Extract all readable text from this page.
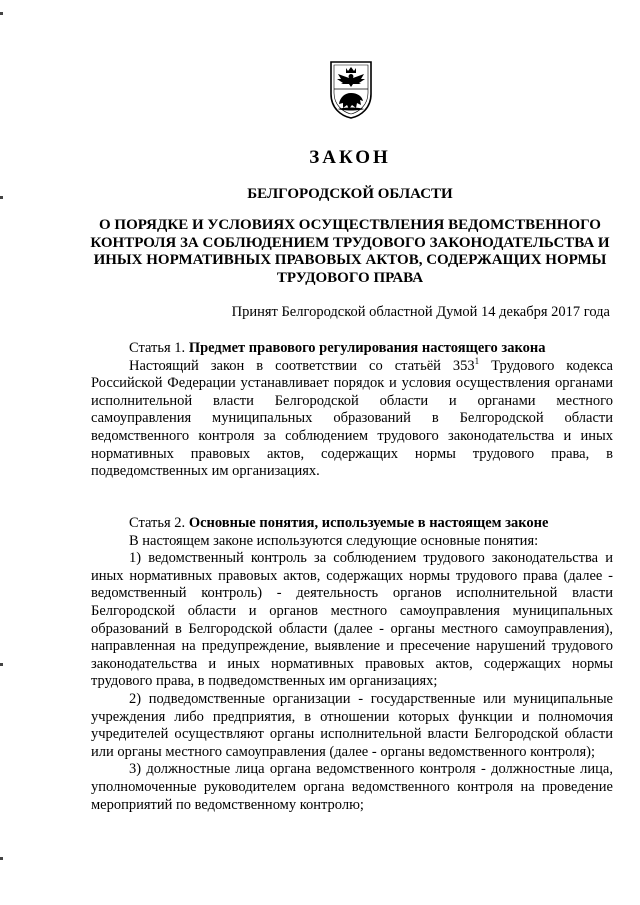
ЗАКОН
БЕЛГОРОДСКОЙ ОБЛАСТИ
О ПОРЯДКЕ И УСЛОВИЯХ ОСУЩЕСТВЛЕНИЯ ВЕДОМСТВЕННОГО КОНТРОЛЯ ЗА СОБЛЮДЕНИЕМ ТРУДОВОГО ЗАКОНОДАТЕЛЬСТВА И ИНЫХ НОРМАТИВНЫХ ПРАВОВЫХ АКТОВ, СОДЕРЖАЩИХ НОРМЫ ТРУДОВОГО ПРАВА
Принят Белгородской областной Думой 14 декабря 2017 года

Статья 1. Предмет правового регулирования настоящего закона

Настоящий закон в соответствии со статьёй $353^1$ Трудового кодекса Российской Федерации устанавливает порядок и условия осуществления органами исполнительной власти Белгородской области и органами местного самоуправления муниципальных образований в Белгородской области ведомственного контроля за соблюдением трудового законодательства и иных нормативных правовых актов, содержащих нормы трудового права, в подведомственных им организациях.

Статья 2. Основные понятия, используемые в настоящем законе

В настоящем законе используются следующие основные понятия:

1) ведомственный контроль за соблюдением трудового законодательства и иных нормативных правовых актов, содержащих нормы трудового права (далее - ведомственный контроль) - деятельность органов исполнительной власти Белгородской области и органов местного самоуправления муниципальных образований в Белгородской области (далее - органы местного самоуправления), направленная на предупреждение, выявление и пресечение нарушений трудового законодательства и иных нормативных правовых актов, содержащих нормы трудового права, в подведомственных им организациях;

2) подведомственные организации - государственные или муниципальные учреждения либо предприятия, в отношении которых функции и полномочия учредителей осуществляют органы исполнительной власти Белгородской области или органы местного самоуправления (далее - органы ведомственного контроля);

3) должностные лица органа ведомственного контроля - должностные лица, уполномоченные руководителем органа ведомственного контроля на проведение мероприятий по ведомственному контролю;
